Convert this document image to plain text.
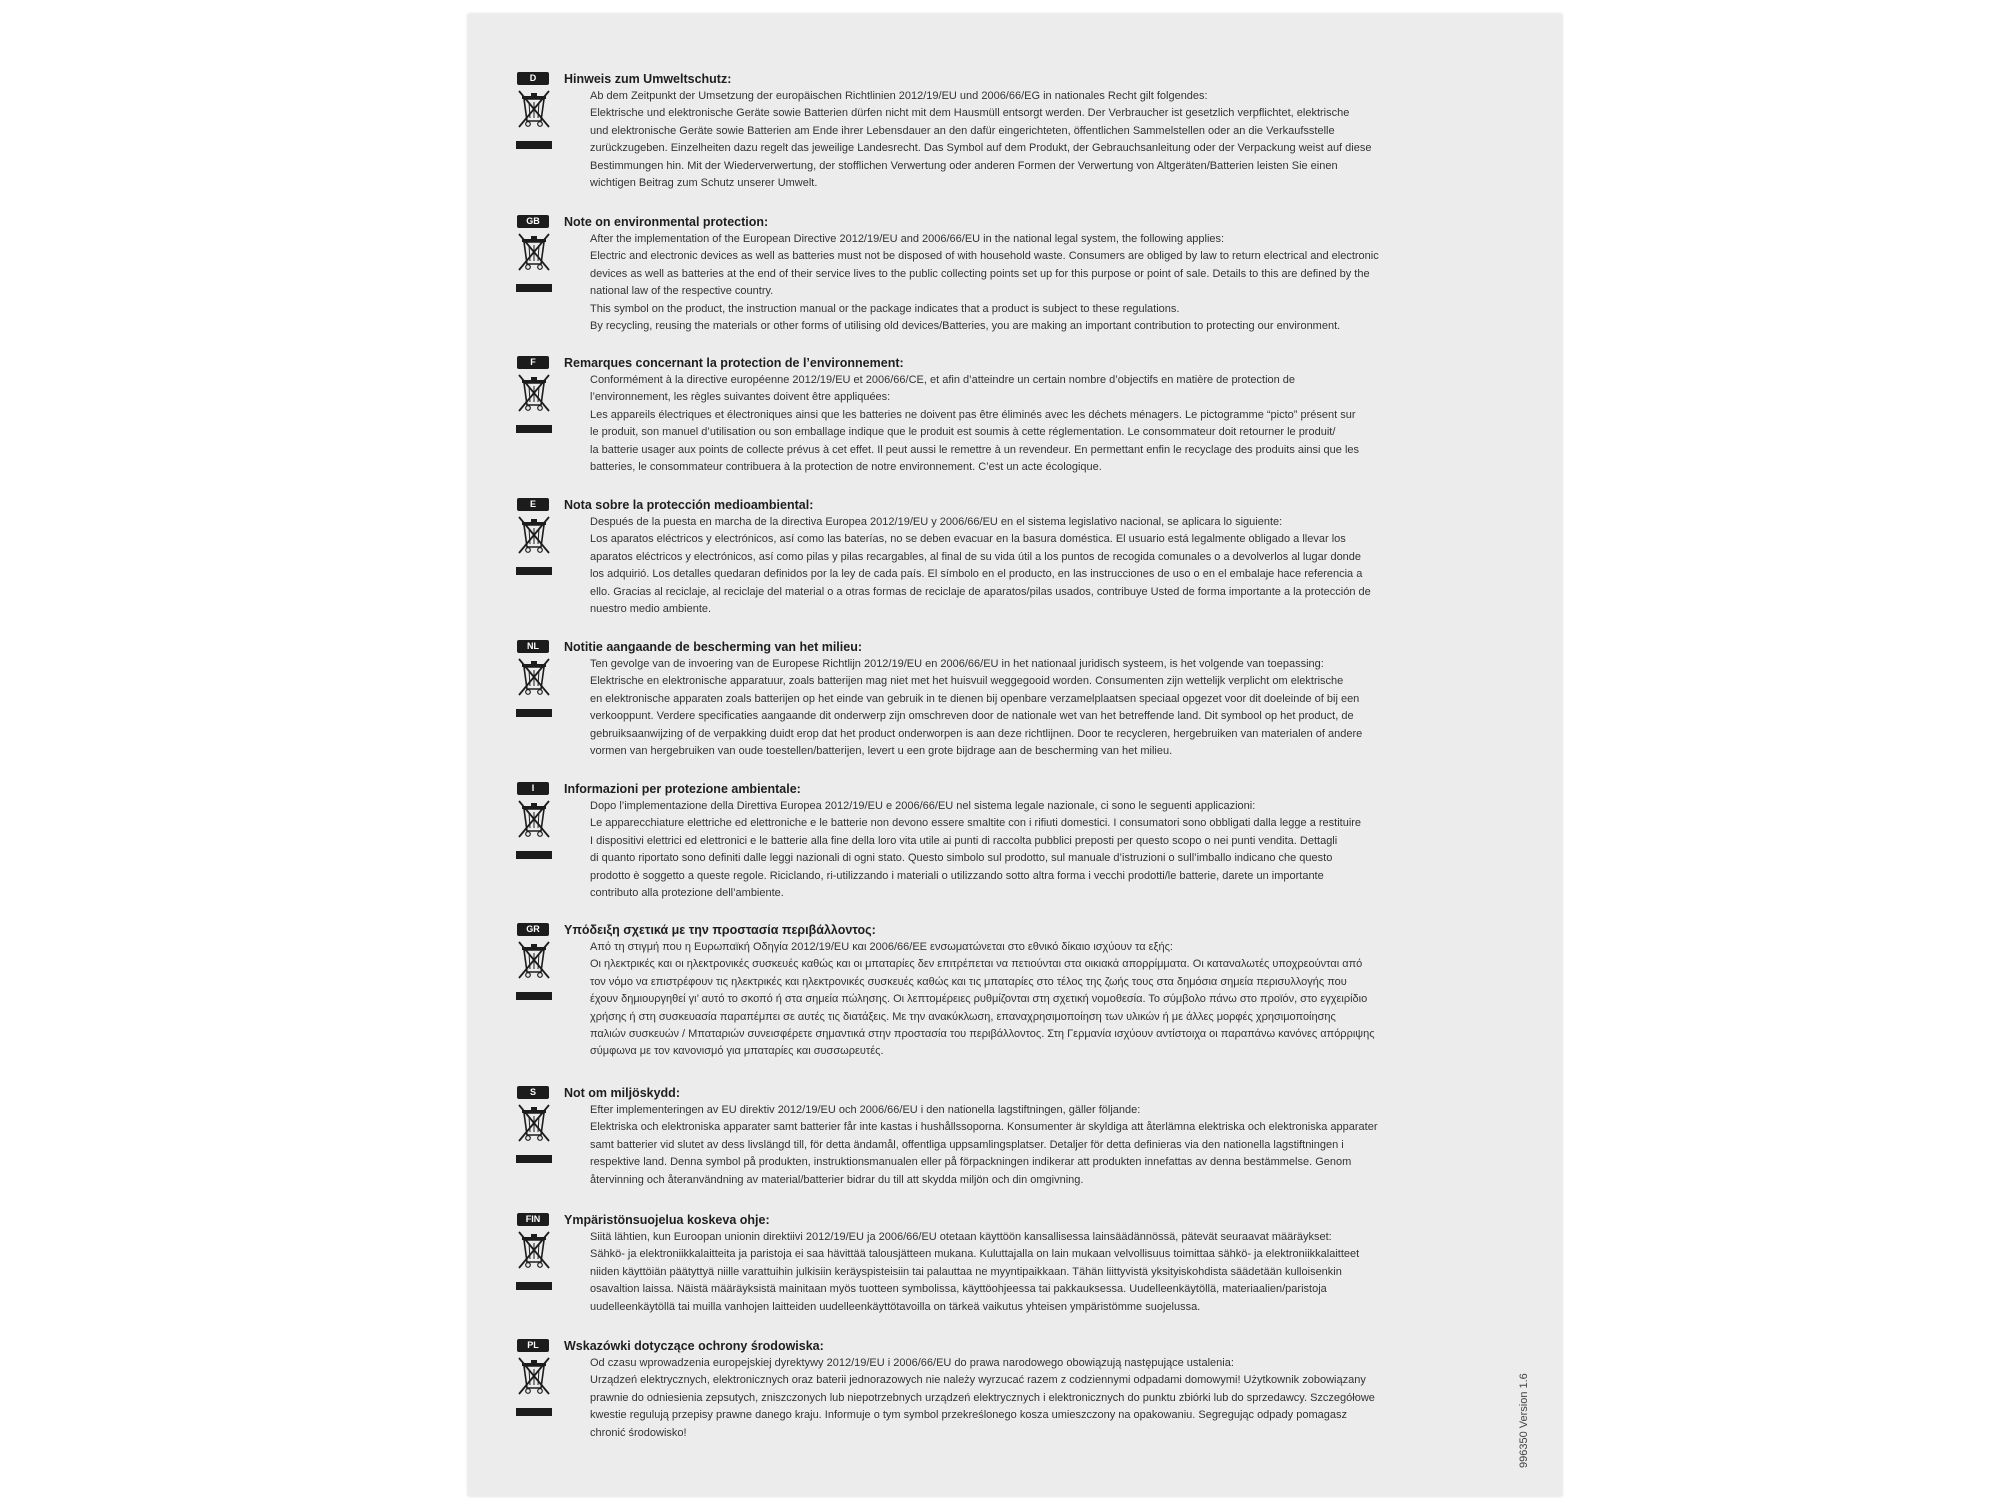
D	Hinweis zum Umweltschutz:
Ab dem Zeitpunkt der Umsetzung der europäischen Richtlinien 2012/19/EU und 2006/66/EG in nationales Recht gilt folgendes:
Elektrische und elektronische Geräte sowie Batterien dürfen nicht mit dem Hausmüll entsorgt werden. Der Verbraucher ist gesetzlich verpflichtet, elektrische
und elektronische Geräte sowie Batterien am Ende ihrer Lebensdauer an den dafür eingerichteten, öffentlichen Sammelstellen oder an die Verkaufsstelle
zurückzugeben. Einzelheiten dazu regelt das jeweilige Landesrecht. Das Symbol auf dem Produkt, der Gebrauchsanleitung oder der Verpackung weist auf diese
Bestimmungen hin. Mit der Wiederverwertung, der stofflichen Verwertung oder anderen Formen der Verwertung von Altgeräten/Batterien leisten Sie einen
wichtigen Beitrag zum Schutz unserer Umwelt.
GB	Note on environmental protection:
After the implementation of the European Directive 2012/19/EU and 2006/66/EU in the national legal system, the following applies:
Electric and electronic devices as well as batteries must not be disposed of with household waste. Consumers are obliged by law to return electrical and electronic
devices as well as batteries at the end of their service lives to the public collecting points set up for this purpose or point of sale. Details to this are defined by the
national law of the respective country.
This symbol on the product, the instruction manual or the package indicates that a product is subject to these regulations.
By recycling, reusing the materials or other forms of utilising old devices/Batteries, you are making an important contribution to protecting our environment.
F	Remarques concernant la protection de l’environnement:
Conformément à la directive européenne 2012/19/EU et 2006/66/CE, et afin d’atteindre un certain nombre d’objectifs en matière de protection de
l’environnement, les règles suivantes doivent être appliquées:
Les appareils électriques et électroniques ainsi que les batteries ne doivent pas être éliminés avec les déchets ménagers. Le pictogramme “picto” présent sur
le produit, son manuel d’utilisation ou son emballage indique que le produit est soumis à cette réglementation. Le consommateur doit retourner le produit/
la batterie usager aux points de collecte prévus à cet effet. Il peut aussi le remettre à un revendeur. En permettant enfin le recyclage des produits ainsi que les
batteries, le consommateur contribuera à la protection de notre environnement. C’est un acte écologique.
E	Nota sobre la protección medioambiental:
Después de la puesta en marcha de la directiva Europea 2012/19/EU y 2006/66/EU en el sistema legislativo nacional, se aplicara lo siguiente:
Los aparatos eléctricos y electrónicos, así como las baterías, no se deben evacuar en la basura doméstica. El usuario está legalmente obligado a llevar los
aparatos eléctricos y electrónicos, así como pilas y pilas recargables, al final de su vida útil a los puntos de recogida comunales o a devolverlos al lugar donde
los adquirió. Los detalles quedaran definidos por la ley de cada país. El símbolo en el producto, en las instrucciones de uso o en el embalaje hace referencia a
ello. Gracias al reciclaje, al reciclaje del material o a otras formas de reciclaje de aparatos/pilas usados, contribuye Usted de forma importante a la protección de
nuestro medio ambiente.
NL	Notitie aangaande de bescherming van het milieu:
Ten gevolge van de invoering van de Europese Richtlijn 2012/19/EU en 2006/66/EU in het nationaal juridisch systeem, is het volgende van toepassing:
Elektrische en elektronische apparatuur, zoals batterijen mag niet met het huisvuil weggegooid worden. Consumenten zijn wettelijk verplicht om elektrische
en elektronische apparaten zoals batterijen op het einde van gebruik in te dienen bij openbare verzamelplaatsen speciaal opgezet voor dit doeleinde of bij een
verkooppunt. Verdere specificaties aangaande dit onderwerp zijn omschreven door de nationale wet van het betreffende land. Dit symbool op het product, de
gebruiksaanwijzing of de verpakking duidt erop dat het product onderworpen is aan deze richtlijnen. Door te recycleren, hergebruiken van materialen of andere
vormen van hergebruiken van oude toestellen/batterijen, levert u een grote bijdrage aan de bescherming van het milieu.
I	Informazioni per protezione ambientale:
Dopo l’implementazione della Direttiva Europea 2012/19/EU e 2006/66/EU nel sistema legale nazionale, ci sono le seguenti applicazioni:
Le apparecchiature elettriche ed elettroniche e le batterie non devono essere smaltite con i rifiuti domestici. I consumatori sono obbligati dalla legge a restituire
I dispositivi elettrici ed elettronici e le batterie alla fine della loro vita utile ai punti di raccolta pubblici preposti per questo scopo o nei punti vendita. Dettagli
di quanto riportato sono definiti dalle leggi nazionali di ogni stato. Questo simbolo sul prodotto, sul manuale d’istruzioni o sull’imballo indicano che questo
prodotto è soggetto a queste regole. Riciclando, ri-utilizzando i materiali o utilizzando sotto altra forma i vecchi prodotti/le batterie, darete un importante
contributo alla protezione dell’ambiente.
GR	Υπόδειξη σχετικά με την προστασία περιβάλλοντος:
Από τη στιγμή που η Ευρωπαϊκή Οδηγία 2012/19/EU και 2006/66/EE ενσωματώνεται στο εθνικό δίκαιο ισχύουν τα εξής:
Οι ηλεκτρικές και οι ηλεκτρονικές συσκευές καθώς και οι μπαταρίες δεν επιτρέπεται να πετιούνται στα οικιακά απορρίμματα. Οι καταναλωτές υποχρεούνται από
τον νόμο να επιστρέφουν τις ηλεκτρικές και ηλεκτρονικές συσκευές καθώς και τις μπαταρίες στο τέλος της ζωής τους στα δημόσια σημεία περισυλλογής που
έχουν δημιουργηθεί γι’ αυτό το σκοπό ή στα σημεία πώλησης. Οι λεπτομέρειες ρυθμίζονται στη σχετική νομοθεσία. Το σύμβολο πάνω στο προϊόν, στο εγχειρίδιο
χρήσης ή στη συσκευασία παραπέμπει σε αυτές τις διατάξεις. Με την ανακύκλωση, επαναχρησιμοποίηση των υλικών ή με άλλες μορφές χρησιμοποίησης
παλιών συσκευών / Μπαταριών συνεισφέρετε σημαντικά στην προστασία του περιβάλλοντος. Στη Γερμανία ισχύουν αντίστοιχα οι παραπάνω κανόνες απόρριψης
σύμφωνα με τον κανονισμό για μπαταρίες και συσσωρευτές.
S	Not om miljöskydd:
Efter implementeringen av EU direktiv 2012/19/EU och 2006/66/EU i den nationella lagstiftningen, gäller följande:
Elektriska och elektroniska apparater samt batterier får inte kastas i hushållssoporna. Konsumenter är skyldiga att återlämna elektriska och elektroniska apparater
samt batterier vid slutet av dess livslängd till, för detta ändamål, offentliga uppsamlingsplatser. Detaljer för detta definieras via den nationella lagstiftningen i
respektive land. Denna symbol på produkten, instruktionsmanualen eller på förpackningen indikerar att produkten innefattas av denna bestämmelse. Genom
återvinning och återanvändning av material/batterier bidrar du till att skydda miljön och din omgivning.
FIN	Ympäristönsuojelua koskeva ohje:
Siitä lähtien, kun Euroopan unionin direktiivi 2012/19/EU ja 2006/66/EU otetaan käyttöön kansallisessa lainsäädännössä, pätevät seuraavat määräykset:
Sähkö- ja elektroniikkalaitteita ja paristoja ei saa hävittää talousjätteen mukana. Kuluttajalla on lain mukaan velvollisuus toimittaa sähkö- ja elektroniikkalaitteet
niiden käyttöiän päätyttyä niille varattuihin julkisiin keräyspisteisiin tai palauttaa ne myyntipaikkaan. Tähän liittyvistä yksityiskohdista säädetään kulloisenkin
osavaltion laissa. Näistä määräyksistä mainitaan myös tuotteen symbolissa, käyttöohjeessa tai pakkauksessa. Uudelleenkäytöllä, materiaalien/paristoja
uudelleenkäytöllä tai muilla vanhojen laitteiden uudelleenkäyttötavoilla on tärkeä vaikutus yhteisen ympäristömme suojelussa.
PL	Wskazówki dotyczące ochrony środowiska:
Od czasu wprowadzenia europejskiej dyrektywy 2012/19/EU i 2006/66/EU do prawa narodowego obowiązują następujące ustalenia:
Urządzeń elektrycznych, elektronicznych oraz baterii jednorazowych nie należy wyrzucać razem z codziennymi odpadami domowymi! Użytkownik zobowiązany
prawnie do odniesienia zepsutych, zniszczonych lub niepotrzebnych urządzeń elektrycznych i elektronicznych do punktu zbiórki lub do sprzedawcy. Szczegółowe
kwestie regulują przepisy prawne danego kraju. Informuje o tym symbol przekreślonego kosza umieszczony na opakowaniu. Segregując odpady pomagasz
chronić środowisko!	996350 Version 1.6
